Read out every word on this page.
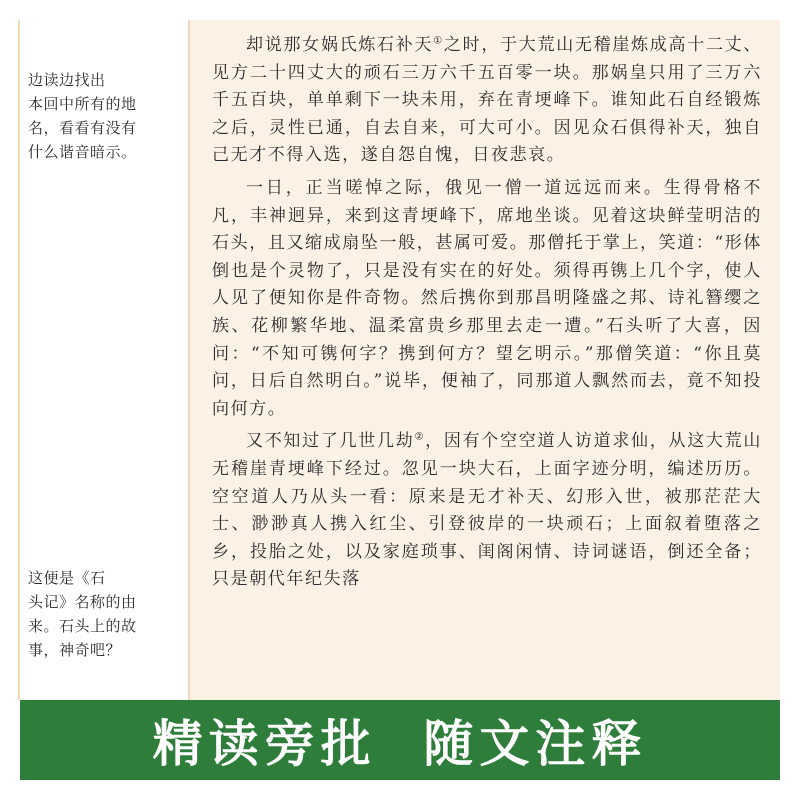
边读边找出
本回中所有的地
名，看看有没有
什么谐音暗示。

这便是《石
头记》名称的由
来。石头上的故
事，神奇吧？

却说那女娲氏炼石补天①之时，于大荒山无稽崖炼成高十二丈、见方二十四丈大的顽石三万六千五百零一块。那娲皇只用了三万六千五百块，单单剩下一块未用，弃在青埂峰下。谁知此石自经锻炼之后，灵性已通，自去自来，可大可小。因见众石俱得补天，独自己无才不得入选，遂自怨自愧，日夜悲哀。

一日，正当嗟悼之际，俄见一僧一道远远而来。生得骨格不凡，丰神迥异，来到这青埂峰下，席地坐谈。见着这块鲜莹明洁的石头，且又缩成扇坠一般，甚属可爱。那僧托于掌上，笑道：“形体倒也是个灵物了，只是没有实在的好处。须得再镌上几个字，使人人见了便知你是件奇物。然后携你到那昌明隆盛之邦、诗礼簪缨之族、花柳繁华地、温柔富贵乡那里去走一遭。”石头听了大喜，因问：“不知可镌何字？携到何方？望乞明示。”那僧笑道：“你且莫问，日后自然明白。”说毕，便袖了，同那道人飘然而去，竟不知投向何方。

又不知过了几世几劫②，因有个空空道人访道求仙，从这大荒山无稽崖青埂峰下经过。忽见一块大石，上面字迹分明，编述历历。空空道人乃从头一看：原来是无才补天、幻形入世，被那茫茫大士、渺渺真人携入红尘、引登彼岸的一块顽石；上面叙着堕落之乡，投胎之处，以及家庭琐事、闺阁闲情、诗词谜语，倒还全备；只是朝代年纪失落

精读旁批  随文注释
